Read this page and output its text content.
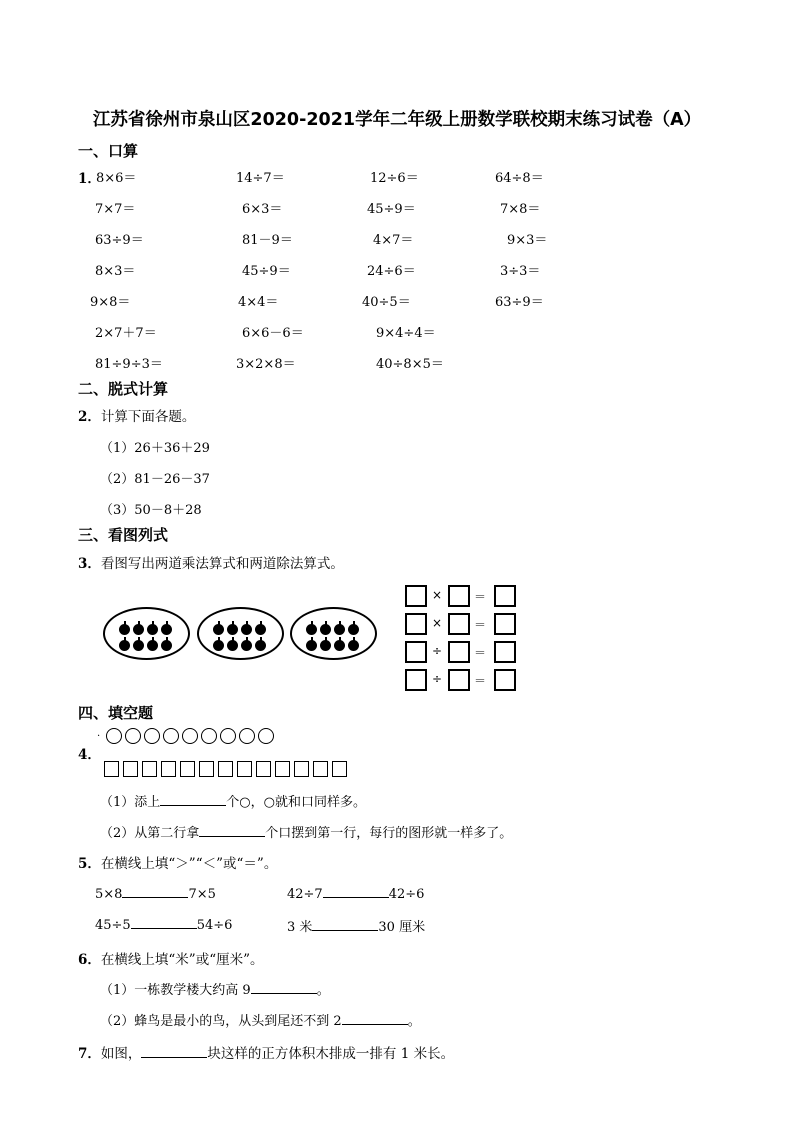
江苏省徐州市泉山区2020-2021学年二年级上册数学联校期末练习试卷（A）
一、口算
1．
8×6＝	14÷7＝	12÷6＝	64÷8＝
7×7＝	6×3＝	45÷9＝	7×8＝
63÷9＝	81－9＝	4×7＝	9×3＝
8×3＝	45÷9＝	24÷6＝	3÷3＝
9×8＝	4×4＝	40÷5＝	63÷9＝
2×7＋7＝	6×6－6＝	9×4÷4＝
81÷9÷3＝	3×2×8＝	40÷8×5＝
二、脱式计算
2．计算下面各题。
（1）26＋36＋29
（2）81－26－37
（3）50－8＋28
三、看图列式
3．看图写出两道乘法算式和两道除法算式。
×	＝
×	＝
÷	＝
÷	＝
四、填空题
4．
.
（1）添上	个○，○就和口同样多。
（2）从第二行拿	个口摆到第一行，每行的图形就一样多了。
5．在横线上填“＞”“＜”或“＝”。
5×8	7×5	42÷7	42÷6
45÷5	54÷6	3 米	30 厘米
6．在横线上填“米”或“厘米”。
（1）一栋教学楼大约高 9	。
（2）蜂鸟是最小的鸟，从头到尾还不到 2	。
7．如图，	块这样的正方体积木排成一排有 1 米长。
